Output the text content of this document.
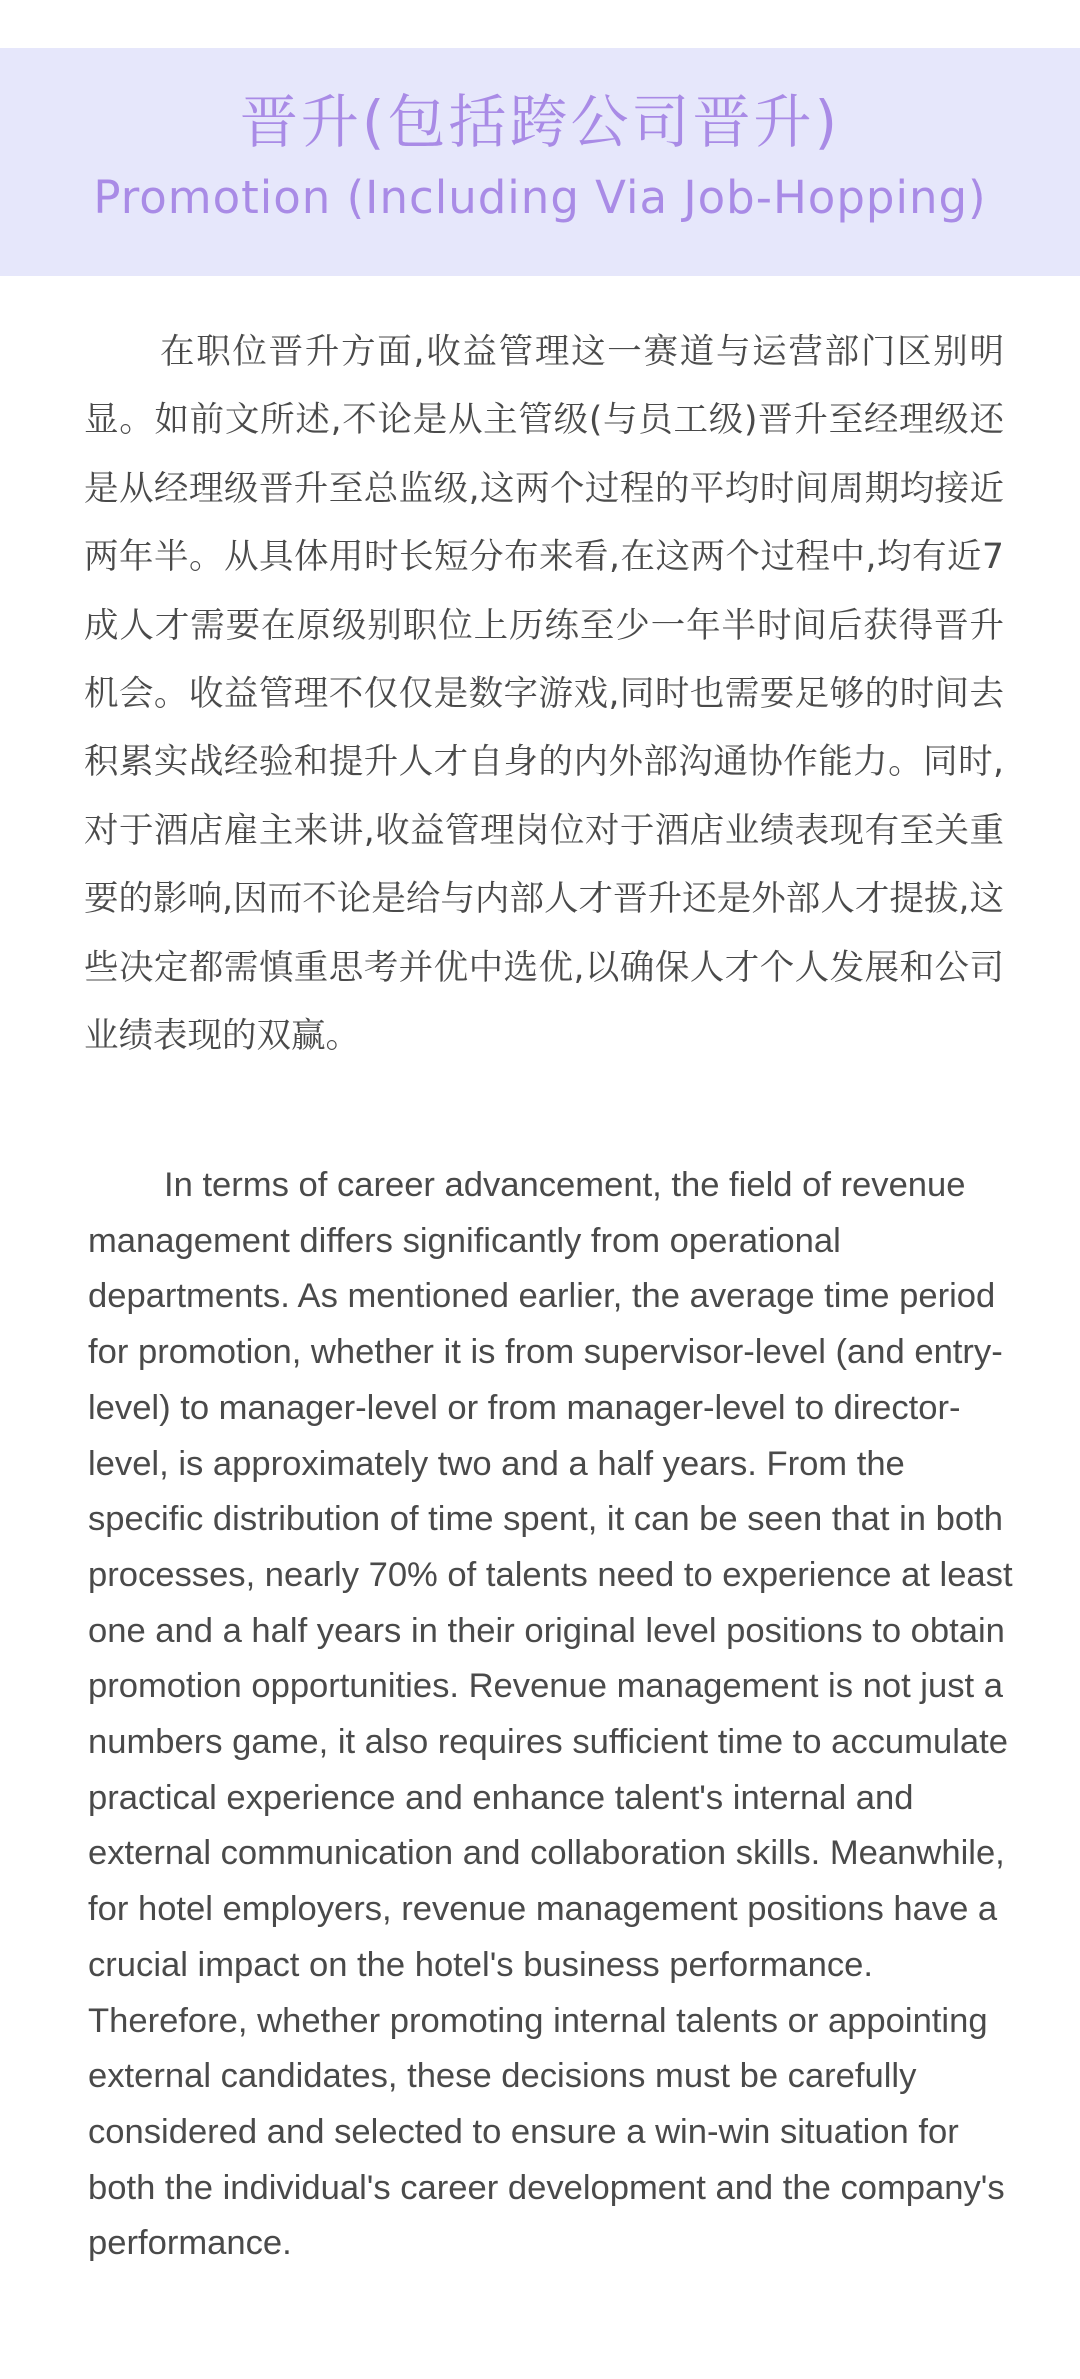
晋升(包括跨公司晋升)
Promotion (Including Via Job-Hopping)

在职位晋升方面,收益管理这一赛道与运营部门区别明显。如前文所述,不论是从主管级(与员工级)晋升至经理级还是从经理级晋升至总监级,这两个过程的平均时间周期均接近两年半。从具体用时长短分布来看,在这两个过程中,均有近7成人才需要在原级别职位上历练至少一年半时间后获得晋升机会。收益管理不仅仅是数字游戏,同时也需要足够的时间去积累实战经验和提升人才自身的内外部沟通协作能力。同时,对于酒店雇主来讲,收益管理岗位对于酒店业绩表现有至关重要的影响,因而不论是给与内部人才晋升还是外部人才提拔,这些决定都需慎重思考并优中选优,以确保人才个人发展和公司业绩表现的双赢。

In terms of career advancement, the field of revenue management differs significantly from operational departments. As mentioned earlier, the average time period for promotion, whether it is from supervisor-level (and entry-level) to manager-level or from manager-level to director-level, is approximately two and a half years. From the specific distribution of time spent, it can be seen that in both processes, nearly 70% of talents need to experience at least one and a half years in their original level positions to obtain promotion opportunities. Revenue management is not just a numbers game, it also requires sufficient time to accumulate practical experience and enhance talent's internal and external communication and collaboration skills. Meanwhile, for hotel employers, revenue management positions have a crucial impact on the hotel's business performance. Therefore, whether promoting internal talents or appointing external candidates, these decisions must be carefully considered and selected to ensure a win-win situation for both the individual's career development and the company's performance.
